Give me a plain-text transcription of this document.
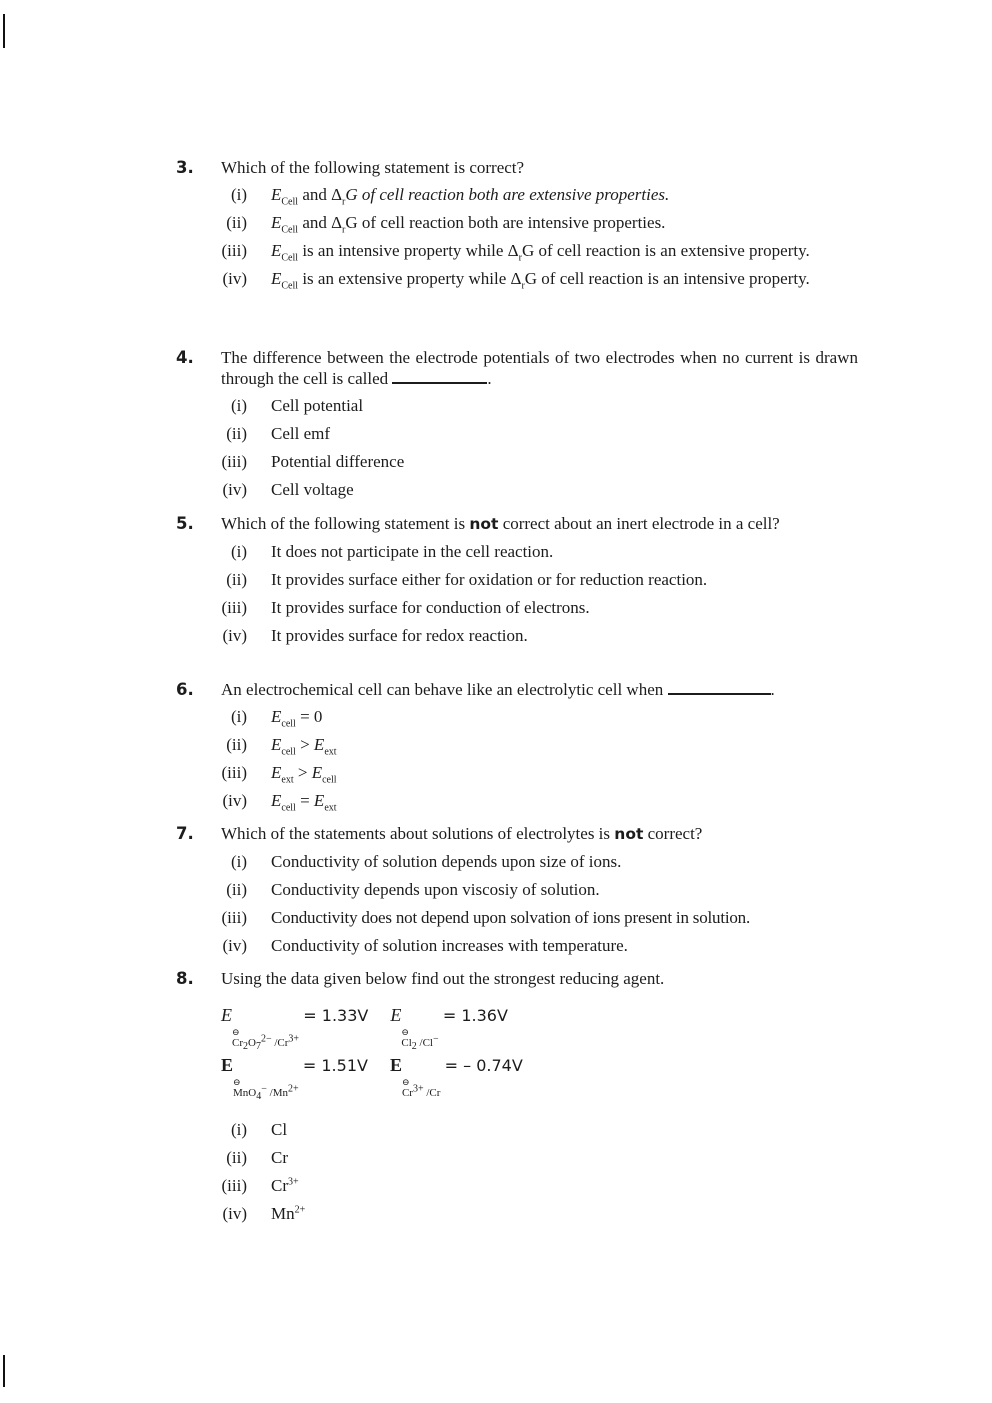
3. Which of the following statement is correct?
(i) $E_{Cell}$ and $\Delta_rG$ of cell reaction both are extensive properties.
(ii) $E_{Cell}$ and $\Delta_rG$ of cell reaction both are intensive properties.
(iii) $E_{Cell}$ is an intensive property while $\Delta_rG$ of cell reaction is an extensive property.
(iv) $E_{Cell}$ is an extensive property while $\Delta_rG$ of cell reaction is an intensive property.
4. The difference between the electrode potentials of two electrodes when no current is drawn through the cell is called	.
(i) Cell potential
(ii) Cell emf
(iii) Potential difference
(iv) Cell voltage
5. Which of the following statement is not correct about an inert electrode in a cell?
(i) It does not participate in the cell reaction.
(ii) It provides surface either for oxidation or for reduction reaction.
(iii) It provides surface for conduction of electrons.
(iv) It provides surface for redox reaction.
6. An electrochemical cell can behave like an electrolytic cell when	.
(i) $E_{cell} = 0$
(ii) $E_{cell} > E_{ext}$
(iii) $E_{ext} > E_{cell}$
(iv) $E_{cell} = E_{ext}$
7. Which of the statements about solutions of electrolytes is not correct?
(i) Conductivity of solution depends upon size of ions.
(ii) Conductivity depends upon viscosiy of solution.
(iii) Conductivity does not depend upon solvation of ions present in solution.
(iv) Conductivity of solution increases with temperature.
8. Using the data given below find out the strongest reducing agent.
E
⊖
$Cr_2O_7^{2-}$ $/Cr^{3+}$
= 1.33V E
⊖
$Cl_2$ /Cl−
= 1.36V
E
⊖
MnO$_4$− $/Mn^{2+}$
= 1.51V E
⊖
$Cr^{3+}$ /Cr
= – 0.74V
(i) Cl
(ii) Cr
(iii) $Cr^{3+}$
(iv) $Mn^{2+}$
